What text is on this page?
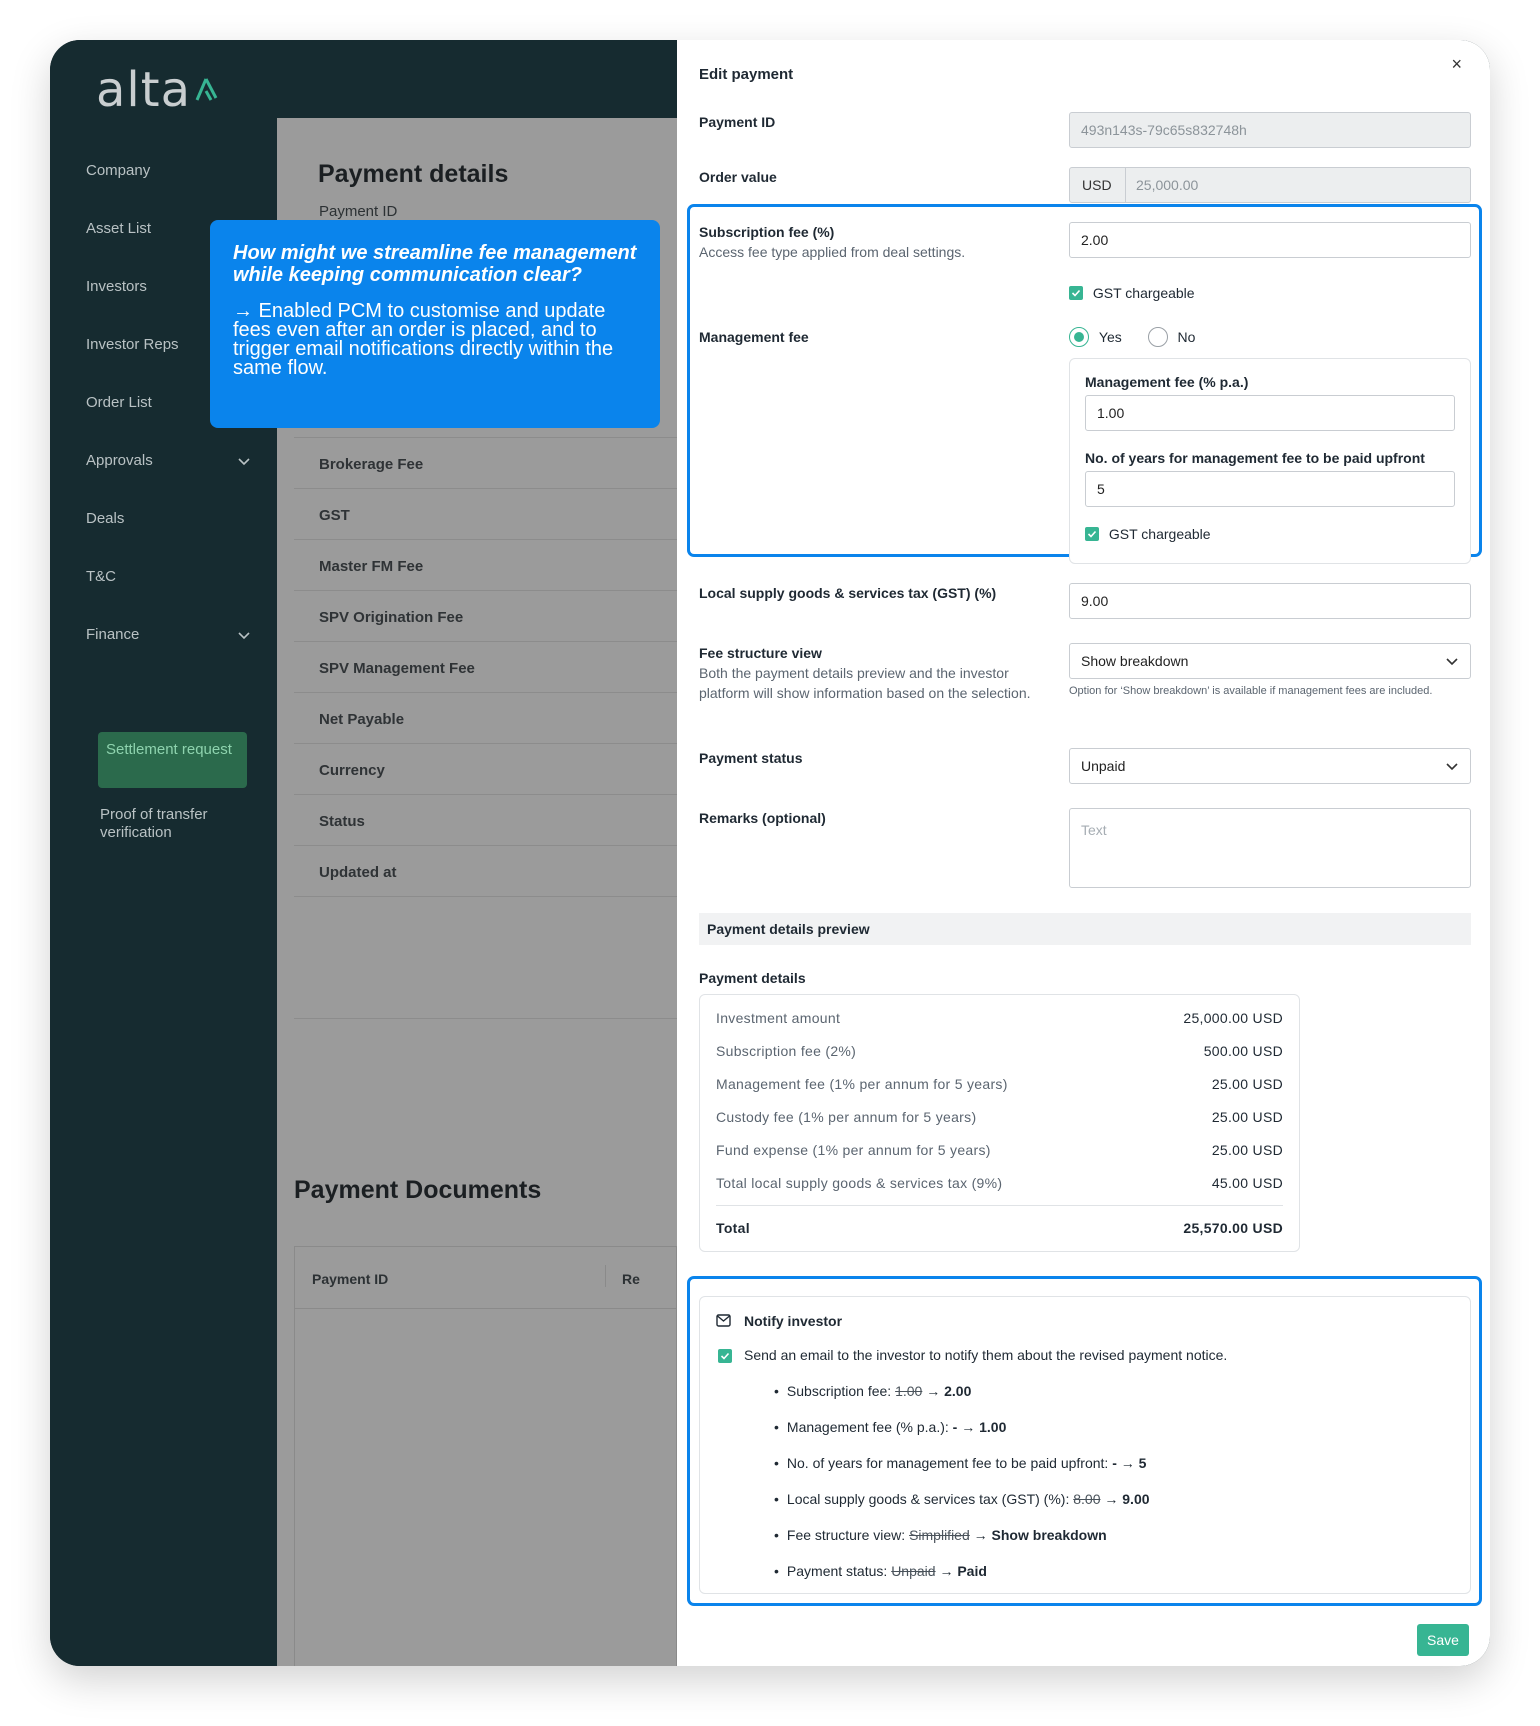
alta
Company
Asset List
Investors
Investor Reps
Order List
Approvals
Deals
T&C
Finance
Settlement request
Proof of transfer verification
Payment details
Payment ID
Brokerage Fee
GST
Master FM Fee
SPV Origination Fee
SPV Management Fee
Net Payable
Currency
Status
Updated at
Payment Documents
Payment ID	Re
Edit payment
×
Payment ID	493n143s-79c65s832748h
Order value	USD	25,000.00
Subscription fee (%)
Access fee type applied from deal settings.
2.00
GST chargeable
Management fee	Yes	No
Management fee (% p.a.)
1.00
No. of years for management fee to be paid upfront
5
GST chargeable
Local supply goods & services tax (GST) (%)	9.00
Fee structure view
Both the payment details preview and the investor platform will show information based on the selection.
Show breakdown
Option for ‘Show breakdown’ is available if management fees are included.
Payment status	Unpaid
Remarks (optional)
Text
Payment details preview
Payment details
Investment amount	25,000.00 USD
Subscription fee (2%)	500.00 USD
Management fee (1% per annum for 5 years)	25.00 USD
Custody fee (1% per annum for 5 years)	25.00 USD
Fund expense (1% per annum for 5 years)	25.00 USD
Total local supply goods & services tax (9%)	45.00 USD
Total	25,570.00 USD
Notify investor
Send an email to the investor to notify them about the revised payment notice.
• Subscription fee: 1.00 → 2.00
• Management fee (% p.a.): - → 1.00
• No. of years for management fee to be paid upfront: - → 5
• Local supply goods & services tax (GST) (%): 8.00 → 9.00
• Fee structure view: Simplified → Show breakdown
• Payment status: Unpaid → Paid
Save
How might we streamline fee management while keeping communication clear?
→ Enabled PCM to customise and update fees even after an order is placed, and to trigger email notifications directly within the same flow.
